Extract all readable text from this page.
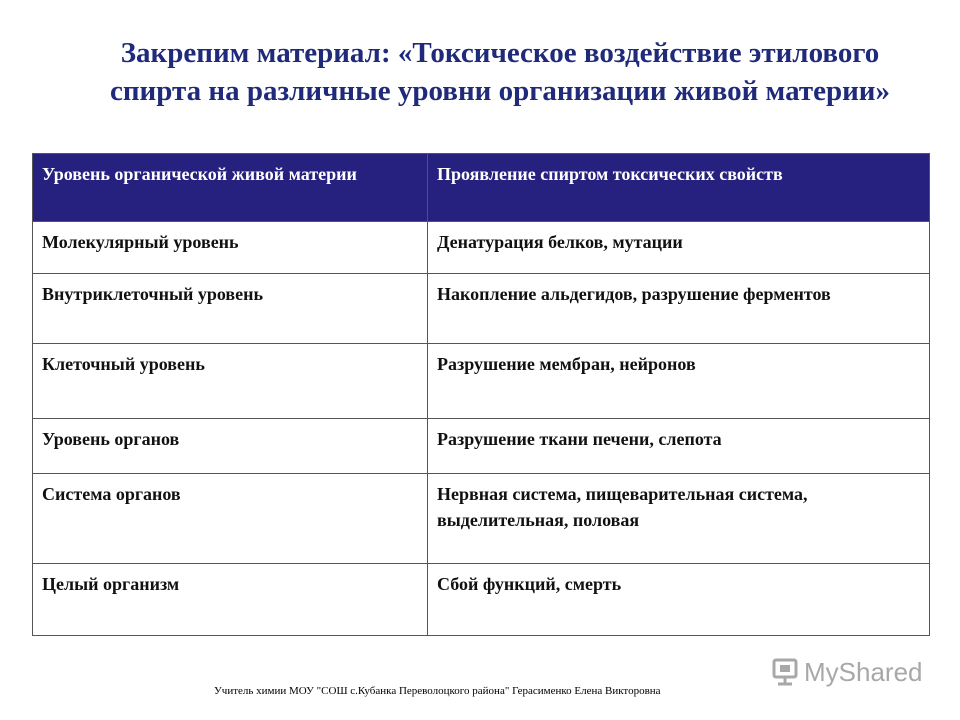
Закрепим материал: «Токсическое воздействие этилового
спирта на различные уровни организации живой материи»
Уровень органической живой материи	Проявление спиртом токсических свойств
Молекулярный уровень	Денатурация белков, мутации
Внутриклеточный уровень	Накопление альдегидов, разрушение ферментов
Клеточный уровень	Разрушение мембран, нейронов
Уровень органов	Разрушение ткани печени, слепота
Система органов	Нервная система, пищеварительная система, выделительная, половая
Целый организм	Сбой функций, смерть
Учитель химии МОУ "СОШ с.Кубанка Переволоцкого района" Герасименко Елена Викторовна
MyShared
